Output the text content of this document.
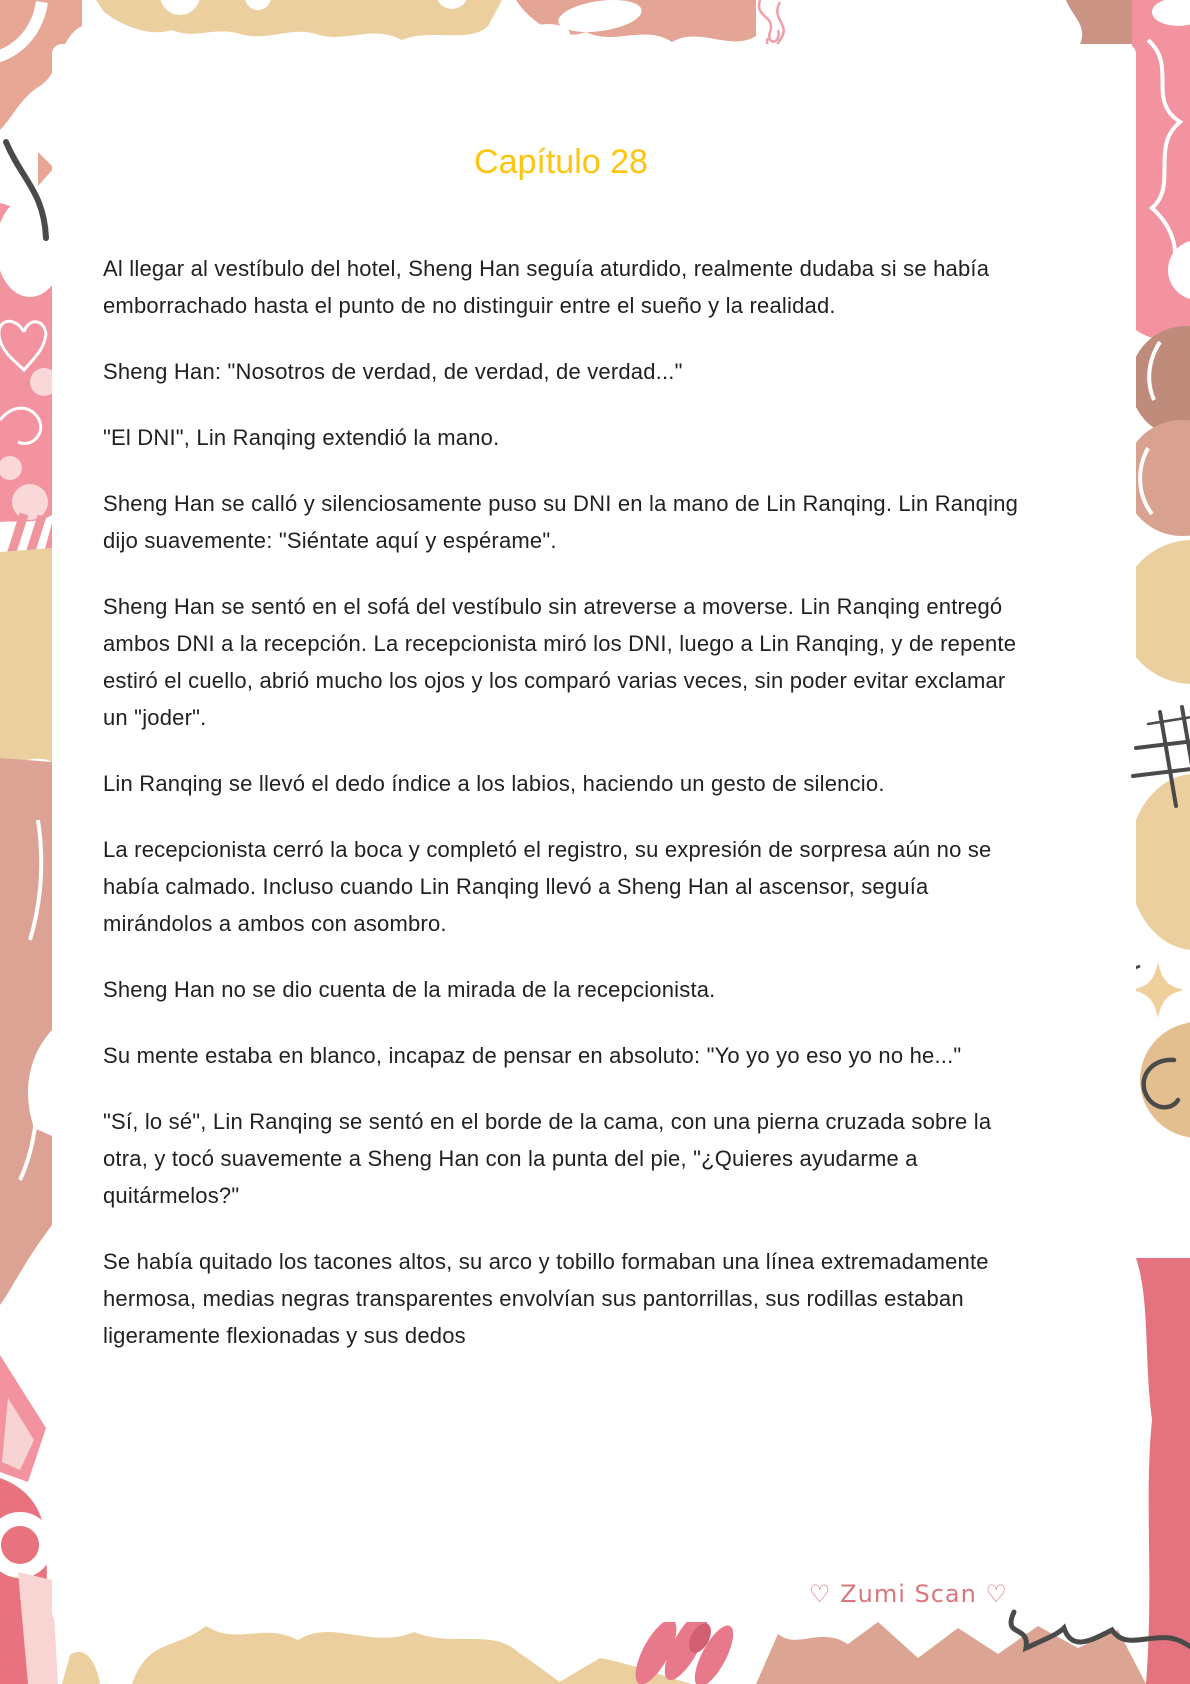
Capítulo 28

Al llegar al vestíbulo del hotel, Sheng Han seguía aturdido, realmente dudaba si se había emborrachado hasta el punto de no distinguir entre el sueño y la realidad.

Sheng Han: "Nosotros de verdad, de verdad, de verdad..."

"El DNI", Lin Ranqing extendió la mano.

Sheng Han se calló y silenciosamente puso su DNI en la mano de Lin Ranqing. Lin Ranqing dijo suavemente: "Siéntate aquí y espérame".

Sheng Han se sentó en el sofá del vestíbulo sin atreverse a moverse. Lin Ranqing entregó ambos DNI a la recepción. La recepcionista miró los DNI, luego a Lin Ranqing, y de repente estiró el cuello, abrió mucho los ojos y los comparó varias veces, sin poder evitar exclamar un "joder".

Lin Ranqing se llevó el dedo índice a los labios, haciendo un gesto de silencio.

La recepcionista cerró la boca y completó el registro, su expresión de sorpresa aún no se había calmado. Incluso cuando Lin Ranqing llevó a Sheng Han al ascensor, seguía mirándolos a ambos con asombro.

Sheng Han no se dio cuenta de la mirada de la recepcionista.

Su mente estaba en blanco, incapaz de pensar en absoluto: "Yo yo yo eso yo no he..."

"Sí, lo sé", Lin Ranqing se sentó en el borde de la cama, con una pierna cruzada sobre la otra, y tocó suavemente a Sheng Han con la punta del pie, "¿Quieres ayudarme a quitármelos?"

Se había quitado los tacones altos, su arco y tobillo formaban una línea extremadamente hermosa, medias negras transparentes envolvían sus pantorrillas, sus rodillas estaban ligeramente flexionadas y sus dedos

♡ Zumi Scan ♡
